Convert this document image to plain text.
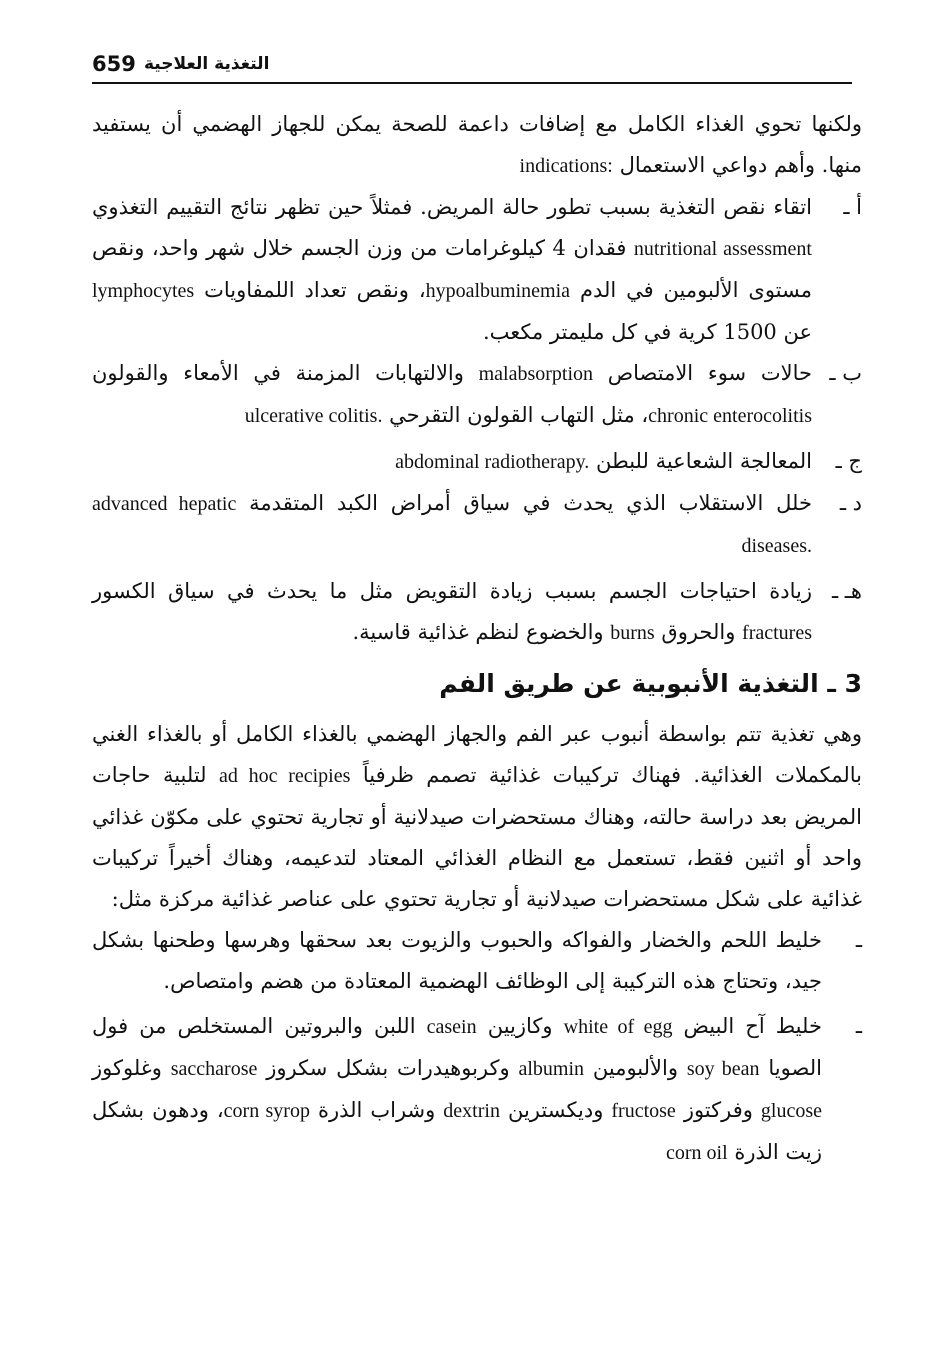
659 التغذية العلاجية

ولكنها تحوي الغذاء الكامل مع إضافات داعمة للصحة يمكن للجهاز الهضمي أن يستفيد منها. وأهم دواعي الاستعمال indications:

أ ـ
اتقاء نقص التغذية بسبب تطور حالة المريض. فمثلاً حين تظهر نتائج التقييم التغذوي nutritional assessment فقدان 4 كيلوغرامات من وزن الجسم خلال شهر واحد، ونقص مستوى الألبومين في الدم hypoalbuminemia، ونقص تعداد اللمفاويات lymphocytes عن 1500 كرية في كل مليمتر مكعب.
ب ـ
حالات سوء الامتصاص malabsorption والالتهابات المزمنة في الأمعاء والقولون chronic enterocolitis، مثل التهاب القولون التقرحي ulcerative colitis.
ج ـ
المعالجة الشعاعية للبطن abdominal radiotherapy.
د ـ
خلل الاستقلاب الذي يحدث في سياق أمراض الكبد المتقدمة advanced hepatic diseases.
هـ ـ
زيادة احتياجات الجسم بسبب زيادة التقويض مثل ما يحدث في سياق الكسور fractures والحروق burns والخضوع لنظم غذائية قاسية.
3 ـ التغذية الأنبوبية عن طريق الفم

وهي تغذية تتم بواسطة أنبوب عبر الفم والجهاز الهضمي بالغذاء الكامل أو بالغذاء الغني بالمكملات الغذائية. فهناك تركيبات غذائية تصمم ظرفياً ad hoc recipies لتلبية حاجات المريض بعد دراسة حالته، وهناك مستحضرات صيدلانية أو تجارية تحتوي على مكوّن غذائي واحد أو اثنين فقط، تستعمل مع النظام الغذائي المعتاد لتدعيمه، وهناك أخيراً تركيبات غذائية على شكل مستحضرات صيدلانية أو تجارية تحتوي على عناصر غذائية مركزة مثل:

ـ
خليط اللحم والخضار والفواكه والحبوب والزيوت بعد سحقها وهرسها وطحنها بشكل جيد، وتحتاج هذه التركيبة إلى الوظائف الهضمية المعتادة من هضم وامتصاص.
ـ
خليط آح البيض white of egg وكازيين casein اللبن والبروتين المستخلص من فول الصويا soy bean والألبومين albumin وكربوهيدرات بشكل سكروز saccharose وغلوكوز glucose وفركتوز fructose وديكسترين dextrin وشراب الذرة corn syrop، ودهون بشكل زيت الذرة corn oil
